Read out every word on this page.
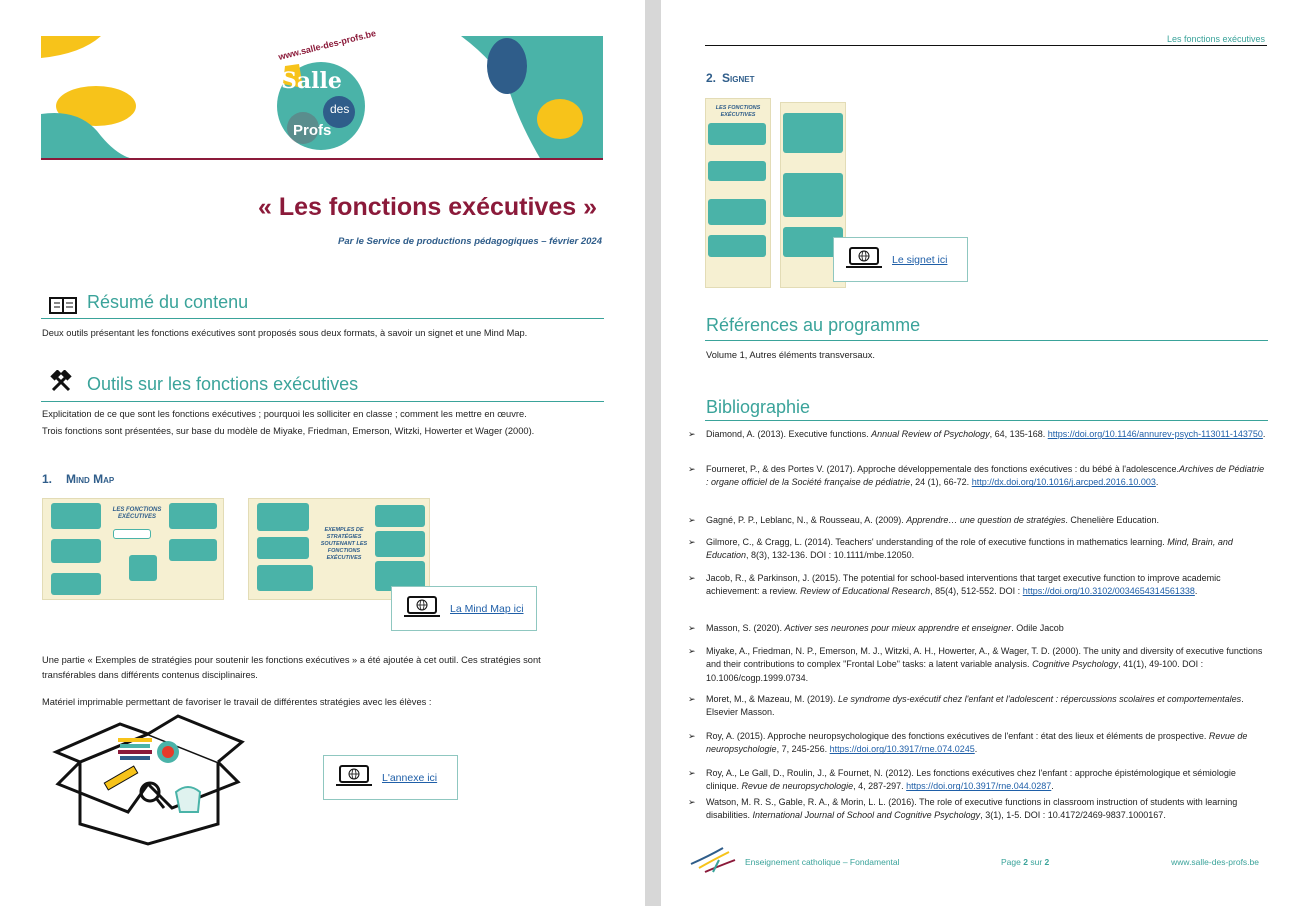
www.salle-des-profs.be
Salle
des
Profs
« Les fonctions exécutives »
Par le Service de productions pédagogiques – février 2024
Résumé du contenu
Deux outils présentant les fonctions exécutives sont proposés sous deux formats, à savoir un signet et une Mind Map.
Outils sur les fonctions exécutives
Explicitation de ce que sont les fonctions exécutives ; pourquoi les solliciter en classe ; comment les mettre en œuvre.
Trois fonctions sont présentées, sur base du modèle de Miyake, Friedman, Emerson, Witzki, Howerter et Wager (2000).
1. Mind Map
LES FONCTIONS EXÉCUTIVES
EXEMPLES DE STRATÉGIES SOUTENANT LES FONCTIONS EXÉCUTIVES
La Mind Map ici
Une partie « Exemples de stratégies pour soutenir les fonctions exécutives » a été ajoutée à cet outil. Ces stratégies sont
transférables dans différents contenus disciplinaires.
Matériel imprimable permettant de favoriser le travail de différentes stratégies avec les élèves :
L'annexe ici
Les fonctions exécutives
2. Signet
LES FONCTIONS EXÉCUTIVES
Le signet ici
Références au programme
Volume 1, Autres éléments transversaux.
Bibliographie
➢ Diamond, A. (2013). Executive functions. Annual Review of Psychology, 64, 135-168. https://doi.org/10.1146/annurev-psych-113011-143750.
➢ Fourneret, P., & des Portes V. (2017). Approche développementale des fonctions exécutives : du bébé à l'adolescence.Archives de Pédiatrie : organe officiel de la Société française de pédiatrie, 24 (1), 66-72. http://dx.doi.org/10.1016/j.arcped.2016.10.003.
➢ Gagné, P. P., Leblanc, N., & Rousseau, A. (2009). Apprendre… une question de stratégies. Chenelière Education.
➢ Gilmore, C., & Cragg, L. (2014). Teachers' understanding of the role of executive functions in mathematics learning. Mind, Brain, and Education, 8(3), 132-136. DOI : 10.1111/mbe.12050.
➢ Jacob, R., & Parkinson, J. (2015). The potential for school-based interventions that target executive function to improve academic achievement: a review. Review of Educational Research, 85(4), 512-552. DOI : https://doi.org/10.3102/0034654314561338.
➢ Masson, S. (2020). Activer ses neurones pour mieux apprendre et enseigner. Odile Jacob
➢ Miyake, A., Friedman, N. P., Emerson, M. J., Witzki, A. H., Howerter, A., & Wager, T. D. (2000). The unity and diversity of executive functions and their contributions to complex "Frontal Lobe" tasks: a latent variable analysis. Cognitive Psychology, 41(1), 49-100. DOI : 10.1006/cogp.1999.0734.
➢ Moret, M., & Mazeau, M. (2019). Le syndrome dys-exécutif chez l'enfant et l'adolescent : répercussions scolaires et comportementales. Elsevier Masson.
➢ Roy, A. (2015). Approche neuropsychologique des fonctions exécutives de l'enfant : état des lieux et éléments de prospective. Revue de neuropsychologie, 7, 245-256. https://doi.org/10.3917/rne.074.0245.
➢ Roy, A., Le Gall, D., Roulin, J., & Fournet, N. (2012). Les fonctions exécutives chez l'enfant : approche épistémologique et sémiologie clinique. Revue de neuropsychologie, 4, 287-297. https://doi.org/10.3917/rne.044.0287.
➢ Watson, M. R. S., Gable, R. A., & Morin, L. L. (2016). The role of executive functions in classroom instruction of students with learning disabilities. International Journal of School and Cognitive Psychology, 3(1), 1-5. DOI : 10.4172/2469-9837.1000167.
Enseignement catholique – Fondamental	Page 2 sur 2	www.salle-des-profs.be
